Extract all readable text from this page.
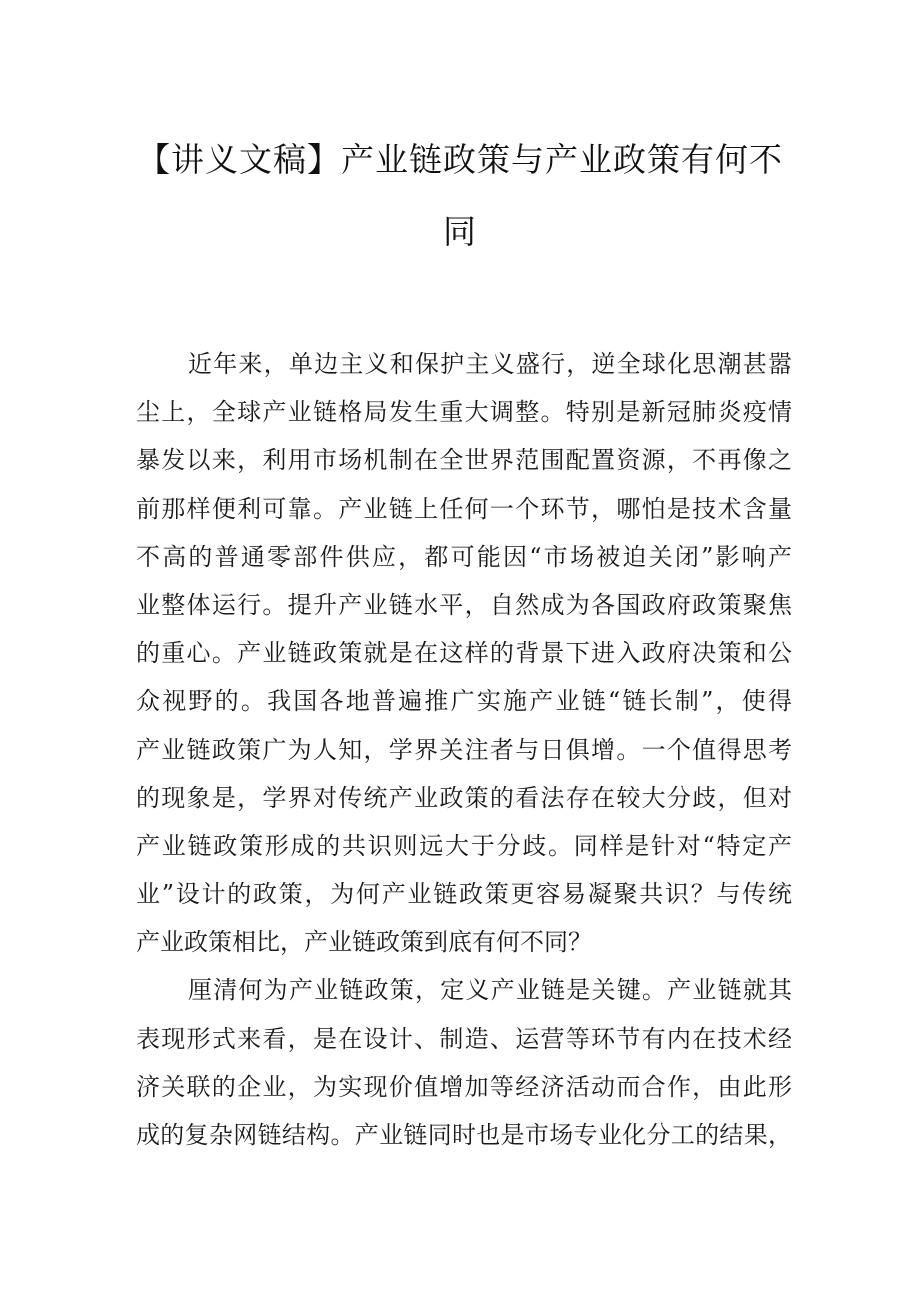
【讲义文稿】产业链政策与产业政策有何不
同
近年来，单边主义和保护主义盛行，逆全球化思潮甚嚣
尘上，全球产业链格局发生重大调整。特别是新冠肺炎疫情
暴发以来，利用市场机制在全世界范围配置资源，不再像之
前那样便利可靠。产业链上任何一个环节，哪怕是技术含量
不高的普通零部件供应，都可能因“市场被迫关闭”影响产
业整体运行。提升产业链水平，自然成为各国政府政策聚焦
的重心。产业链政策就是在这样的背景下进入政府决策和公
众视野的。我国各地普遍推广实施产业链“链长制”，使得
产业链政策广为人知，学界关注者与日俱增。一个值得思考
的现象是，学界对传统产业政策的看法存在较大分歧，但对
产业链政策形成的共识则远大于分歧。同样是针对“特定产
业”设计的政策，为何产业链政策更容易凝聚共识？与传统
产业政策相比，产业链政策到底有何不同？
厘清何为产业链政策，定义产业链是关键。产业链就其
表现形式来看，是在设计、制造、运营等环节有内在技术经
济关联的企业，为实现价值增加等经济活动而合作，由此形
成的复杂网链结构。产业链同时也是市场专业化分工的结果，
